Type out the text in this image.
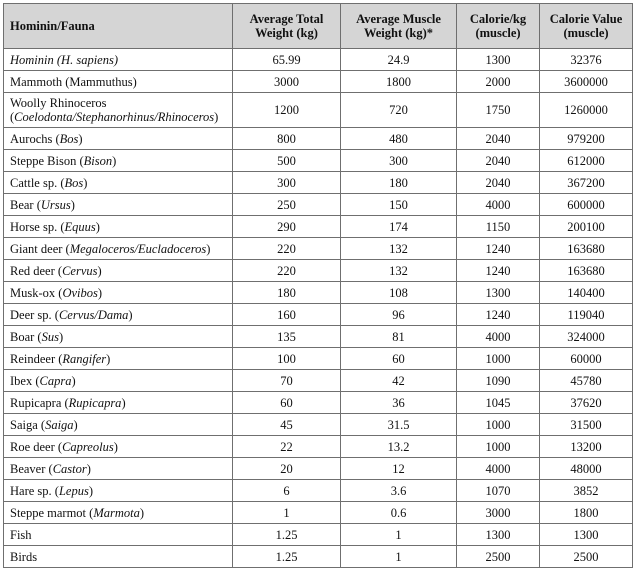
Hominin/Fauna	Average Total Weight (kg)	Average Muscle Weight (kg)*	Calorie/kg (muscle)	Calorie Value (muscle)
Hominin (H. sapiens)	65.99	24.9	1300	32376
Mammoth (Mammuthus)	3000	1800	2000	3600000
Woolly Rhinoceros
(Coelodonta/Stephanorhinus/Rhinoceros)	1200	720	1750	1260000
Aurochs (Bos)	800	480	2040	979200
Steppe Bison (Bison)	500	300	2040	612000
Cattle sp. (Bos)	300	180	2040	367200
Bear (Ursus)	250	150	4000	600000
Horse sp. (Equus)	290	174	1150	200100
Giant deer (Megaloceros/Eucladoceros)	220	132	1240	163680
Red deer (Cervus)	220	132	1240	163680
Musk-ox (Ovibos)	180	108	1300	140400
Deer sp. (Cervus/Dama)	160	96	1240	119040
Boar (Sus)	135	81	4000	324000
Reindeer (Rangifer)	100	60	1000	60000
Ibex (Capra)	70	42	1090	45780
Rupicapra (Rupicapra)	60	36	1045	37620
Saiga (Saiga)	45	31.5	1000	31500
Roe deer (Capreolus)	22	13.2	1000	13200
Beaver (Castor)	20	12	4000	48000
Hare sp. (Lepus)	6	3.6	1070	3852
Steppe marmot (Marmota)	1	0.6	3000	1800
Fish	1.25	1	1300	1300
Birds	1.25	1	2500	2500
